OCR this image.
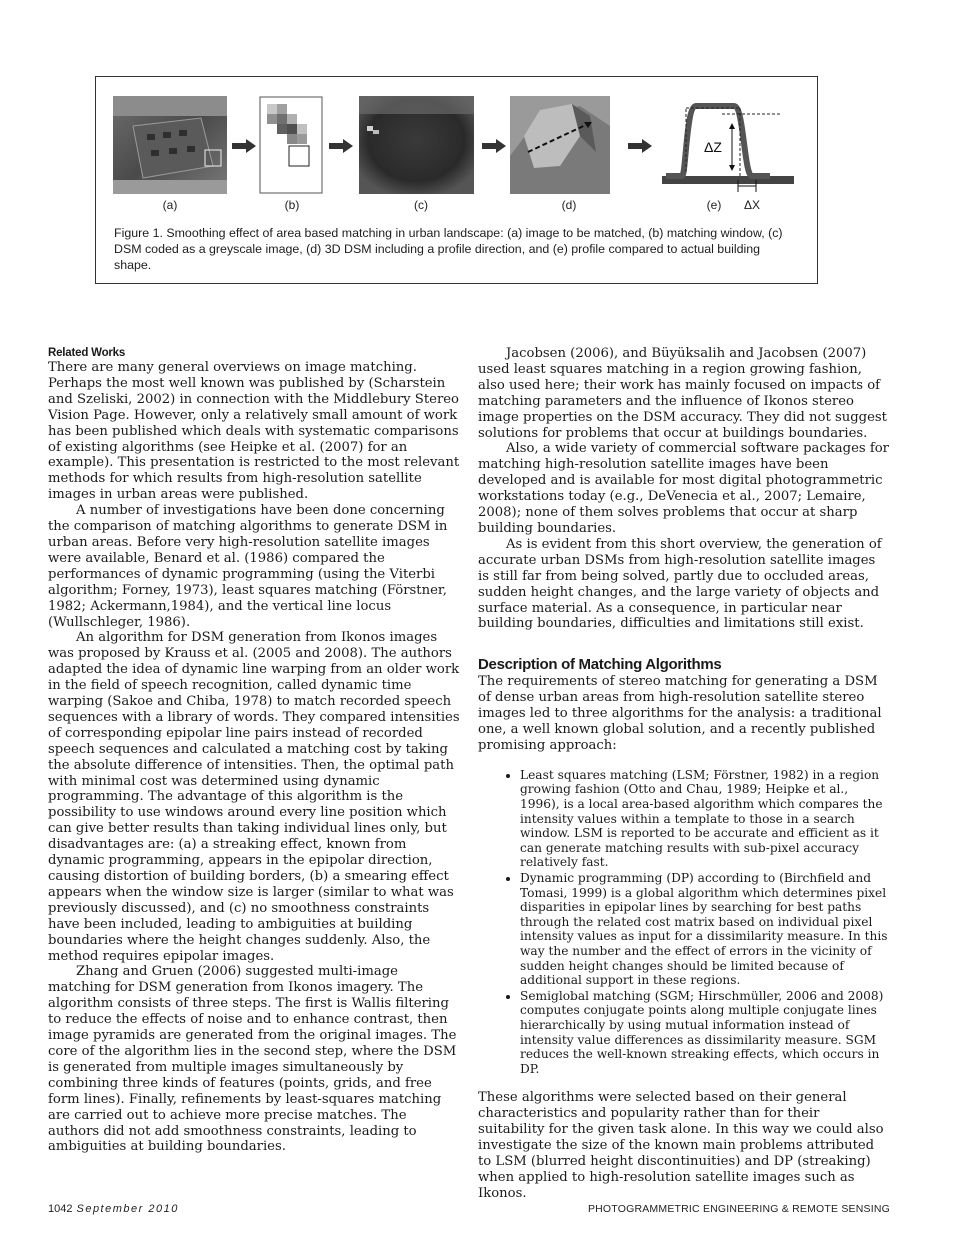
(a)	(b)	(c)	(d)
ΔZ
(e)	ΔX
Figure 1. Smoothing effect of area based matching in urban landscape: (a) image to be matched, (b) matching window, (c) DSM coded as a greyscale image, (d) 3D DSM including a profile direction, and (e) profile compared to actual building shape.
Related Works

There are many general overviews on image matching. Perhaps the most well known was published by (Scharstein and Szeliski, 2002) in connection with the Middlebury Stereo Vision Page. However, only a relatively small amount of work has been published which deals with systematic comparisons of existing algorithms (see Heipke et al. (2007) for an example). This presentation is restricted to the most relevant methods for which results from high-resolution satellite images in urban areas were published.

A number of investigations have been done concerning the comparison of matching algorithms to generate DSM in urban areas. Before very high-resolution satellite images were available, Benard et al. (1986) compared the performances of dynamic programming (using the Viterbi algorithm; Forney, 1973), least squares matching (Förstner, 1982; Ackermann,1984), and the vertical line locus (Wullschleger, 1986).

An algorithm for DSM generation from Ikonos images was proposed by Krauss et al. (2005 and 2008). The authors adapted the idea of dynamic line warping from an older work in the field of speech recognition, called dynamic time warping (Sakoe and Chiba, 1978) to match recorded speech sequences with a library of words. They compared intensities of corresponding epipolar line pairs instead of recorded speech sequences and calculated a matching cost by taking the absolute difference of intensities. Then, the optimal path with minimal cost was determined using dynamic programming. The advantage of this algorithm is the possibility to use windows around every line position which can give better results than taking individual lines only, but disadvantages are: (a) a streaking effect, known from dynamic programming, appears in the epipolar direction, causing distortion of building borders, (b) a smearing effect appears when the window size is larger (similar to what was previously discussed), and (c) no smoothness constraints have been included, leading to ambiguities at building boundaries where the height changes suddenly. Also, the method requires epipolar images.

Zhang and Gruen (2006) suggested multi-image matching for DSM generation from Ikonos imagery. The algorithm consists of three steps. The first is Wallis filtering to reduce the effects of noise and to enhance contrast, then image pyramids are generated from the original images. The core of the algorithm lies in the second step, where the DSM is generated from multiple images simultaneously by combining three kinds of features (points, grids, and free form lines). Finally, refinements by least-squares matching are carried out to achieve more precise matches. The authors did not add smoothness constraints, leading to ambiguities at building boundaries.

Jacobsen (2006), and Büyüksalih and Jacobsen (2007) used least squares matching in a region growing fashion, also used here; their work has mainly focused on impacts of matching parameters and the influence of Ikonos stereo image properties on the DSM accuracy. They did not suggest solutions for problems that occur at buildings boundaries.

Also, a wide variety of commercial software packages for matching high-resolution satellite images have been developed and is available for most digital photogrammetric workstations today (e.g., DeVenecia et al., 2007; Lemaire, 2008); none of them solves problems that occur at sharp building boundaries.

As is evident from this short overview, the generation of accurate urban DSMs from high-resolution satellite images is still far from being solved, partly due to occluded areas, sudden height changes, and the large variety of objects and surface material. As a consequence, in particular near building boundaries, difficulties and limitations still exist.

Description of Matching Algorithms

The requirements of stereo matching for generating a DSM of dense urban areas from high-resolution satellite stereo images led to three algorithms for the analysis: a traditional one, a well known global solution, and a recently published promising approach:

• Least squares matching (LSM; Förstner, 1982) in a region growing fashion (Otto and Chau, 1989; Heipke et al., 1996), is a local area-based algorithm which compares the intensity values within a template to those in a search window. LSM is reported to be accurate and efficient as it can generate matching results with sub-pixel accuracy relatively fast.
• Dynamic programming (DP) according to (Birchfield and Tomasi, 1999) is a global algorithm which determines pixel disparities in epipolar lines by searching for best paths through the related cost matrix based on individual pixel intensity values as input for a dissimilarity measure. In this way the number and the effect of errors in the vicinity of sudden height changes should be limited because of additional support in these regions.
• Semiglobal matching (SGM; Hirschmüller, 2006 and 2008) computes conjugate points along multiple conjugate lines hierarchically by using mutual information instead of intensity value differences as dissimilarity measure. SGM reduces the well-known streaking effects, which occurs in DP.

These algorithms were selected based on their general characteristics and popularity rather than for their suitability for the given task alone. In this way we could also investigate the size of the known main problems attributed to LSM (blurred height discontinuities) and DP (streaking) when applied to high-resolution satellite images such as Ikonos.

1042 September 2010	PHOTOGRAMMETRIC ENGINEERING & REMOTE SENSING
